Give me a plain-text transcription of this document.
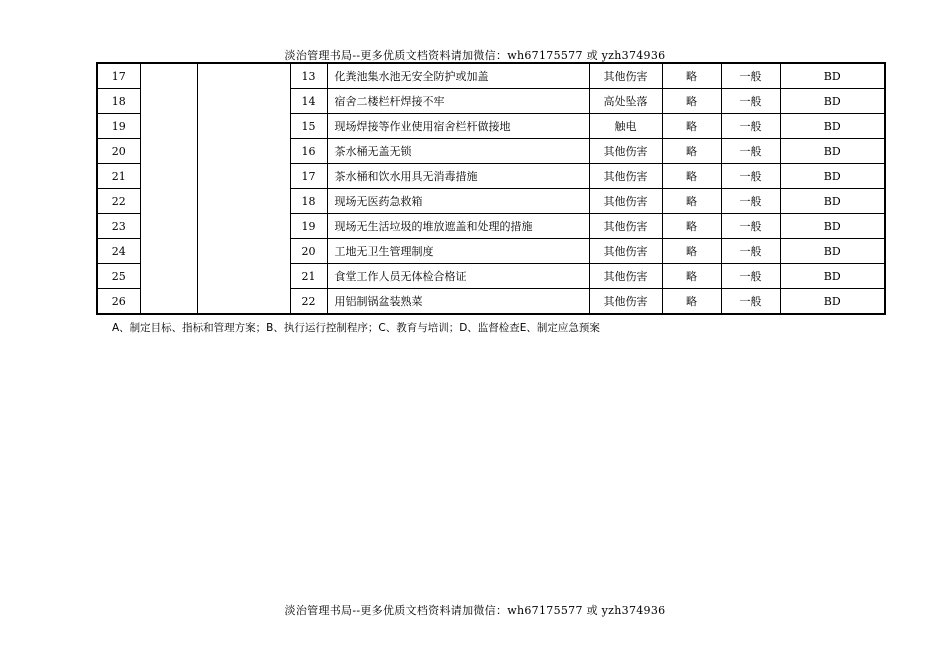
淡治管理书局--更多优质文档资料请加微信：wh67175577 或 yzh374936
17			13	化粪池集水池无安全防护或加盖	其他伤害	略	一般	BD
18			14	宿舍二楼栏杆焊接不牢	高处坠落	略	一般	BD
19			15	现场焊接等作业使用宿舍栏杆做接地	触电	略	一般	BD
20			16	茶水桶无盖无锁	其他伤害	略	一般	BD
21			17	茶水桶和饮水用具无消毒措施	其他伤害	略	一般	BD
22			18	现场无医药急救箱	其他伤害	略	一般	BD
23			19	现场无生活垃圾的堆放遮盖和处理的措施	其他伤害	略	一般	BD
24			20	工地无卫生管理制度	其他伤害	略	一般	BD
25			21	食堂工作人员无体检合格证	其他伤害	略	一般	BD
26			22	用铝制锅盆装熟菜	其他伤害	略	一般	BD
A、制定目标、指标和管理方案；B、执行运行控制程序；C、教育与培训；D、监督检查E、制定应急预案
淡治管理书局--更多优质文档资料请加微信：wh67175577 或 yzh374936
